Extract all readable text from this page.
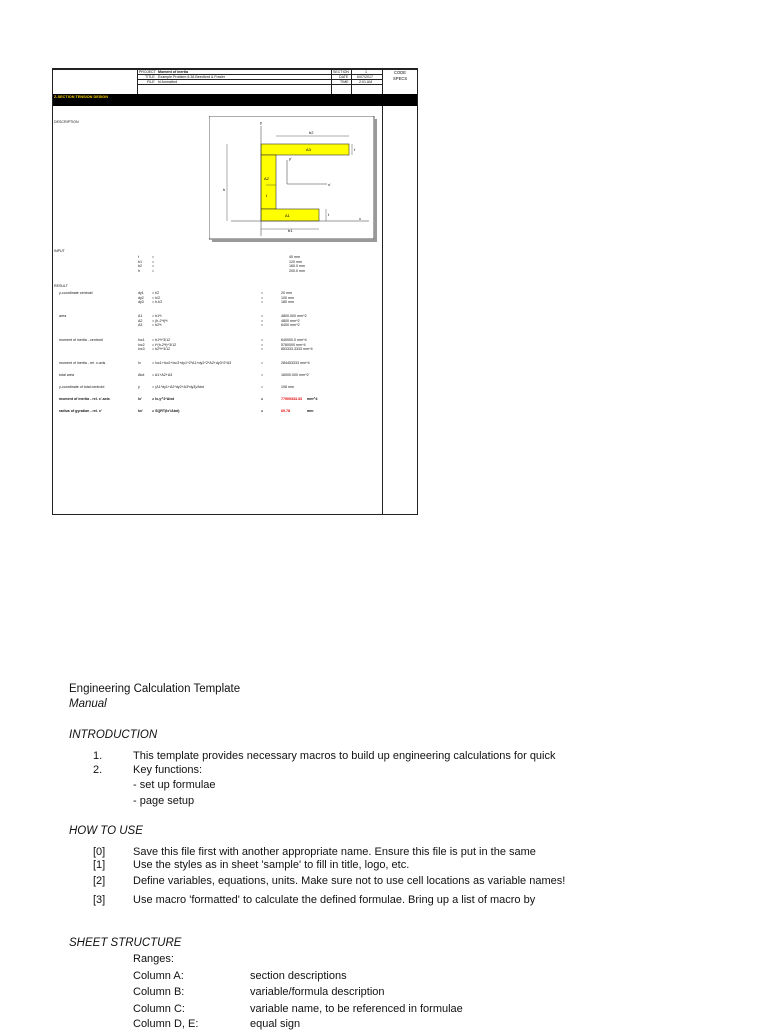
PROJECT Moment of inertia
TITLE Example Problem 6.38 Beedford & Fowler
FILE hl-formatted
SECTION	1
DATE 6/07/2017
TIME	2:01 AM
CODE
SPECS
Z-SECTION TENSION DESIGN
DESCRIPTION	y
b2
A3	t
y'
x'
A2
h
t
A1	t
x
b1
INPUT
t	=	40 mm
b1	=	120 mm
b2	=	160.0 mm
h	=	200.0 mm
RESULT
y-coordinate centroid	dy1 = t/2	=	20 mm
dy2 = h/2	=	100 mm
dy3 = h-t/2	=	180 mm
area	A1	= b1*t	=	4800.000 mm^2
A2	= (h-2*t)*t	=	4800 mm^2
A3	= b2*t	=	6400 mm^2
moment of inertia - centroid	Ixc1 = b1*t^3/12	=	640000.0 mm^4
Ixc2 = t*(h-2*t)^3/12	=	5760000 mm^4
Ixc3 = b2*t^3/12	=	853333.3333 mm^4
moment of inertia - rel. x-axis	Ix	= Ixc1+Ixc2+Ixc3+dy1^2*A1+dy2^2*A2+dy3^2*A3	=	284453333 mm^4
total area	Atot = A1+A2+A3	=	16000.000 mm^2
y-coordinate of total centroid	y	= (A1*dy1+A2*dy2+A3*dy3)/Atot	=	108 mm
moment of inertia - rel. x'-axis	Ix'	= Ix-y^2*Atot	=	77909333.33 mm^4
radius of gyration - rel. x'	kx'	= SQRT(Ix'/Atot)	=	69.78	mm
Engineering Calculation Template
Manual
INTRODUCTION
1.	This template provides necessary macros to build up engineering calculations for quick
2.	Key functions:
- set up formulae
- page setup
HOW TO USE
[0]	Save this file first with another appropriate name. Ensure this file is put in the same
[1]	Use the styles as in sheet 'sample' to fill in title, logo, etc.
[2]	Define variables, equations, units. Make sure not to use cell locations as variable names!
[3]	Use macro 'formatted' to calculate the defined formulae. Bring up a list of macro by
SHEET STRUCTURE
Ranges:
Column A:	section descriptions
Column B:	variable/formula description
Column C:	variable name, to be referenced in formulae
Column D, E:	equal sign
